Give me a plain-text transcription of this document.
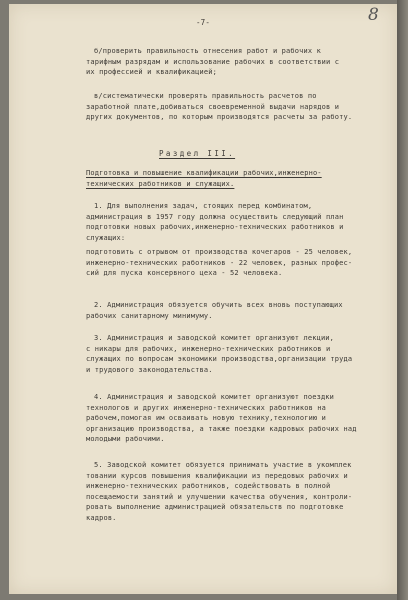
-7-	8
б/проверить правильность отнесения работ и рабочих к
тарифным разрядам и использование рабочих в соответствии с
их профессией и квалификацией;
в/систематически проверять правильность расчетов по
заработной плате,добиваться своевременной выдачи нарядов и
других документов, по которым производятся расчеты за работу.
Раздел III.
Подготовка и повышение квалификации рабочих,инженерно-
технических работников и служащих.
1. Для выполнения задач, стоящих перед комбинатом,
администрация в 1957 году должна осуществить следующий план
подготовки новых рабочих,инженерно-технических работников и
служащих:
подготовить с отрывом от производства кочегаров - 25 человек,
инженерно-технических работников - 22 человек, разных профес-
сий для пуска консервного цеха - 52 человека.
2. Администрация обязуется обучить всех вновь поступающих
рабочих санитарному минимуму.
3. Администрация и заводской комитет организуют лекции,
с никары для рабочих, инженерно-технических работников и
служащих по вопросам экономики производства,организации труда
и трудового законодательства.
4. Администрация и заводской комитет организуют поездки
технологов и других инженерно-технических работников на
рабочем,помогая им осваивать новую технику,технологию и
организацию производства, а также поездки кадровых рабочих над
молодыми рабочими.
5. Заводской комитет обязуется принимать участие в укомплек
товании курсов повышения квалификации из передовых рабочих и
инженерно-технических работников, содействовать в полной
посещаемости занятий и улучшении качества обучения, контроли-
ровать выполнение администрацией обязательств по подготовке
кадров.
